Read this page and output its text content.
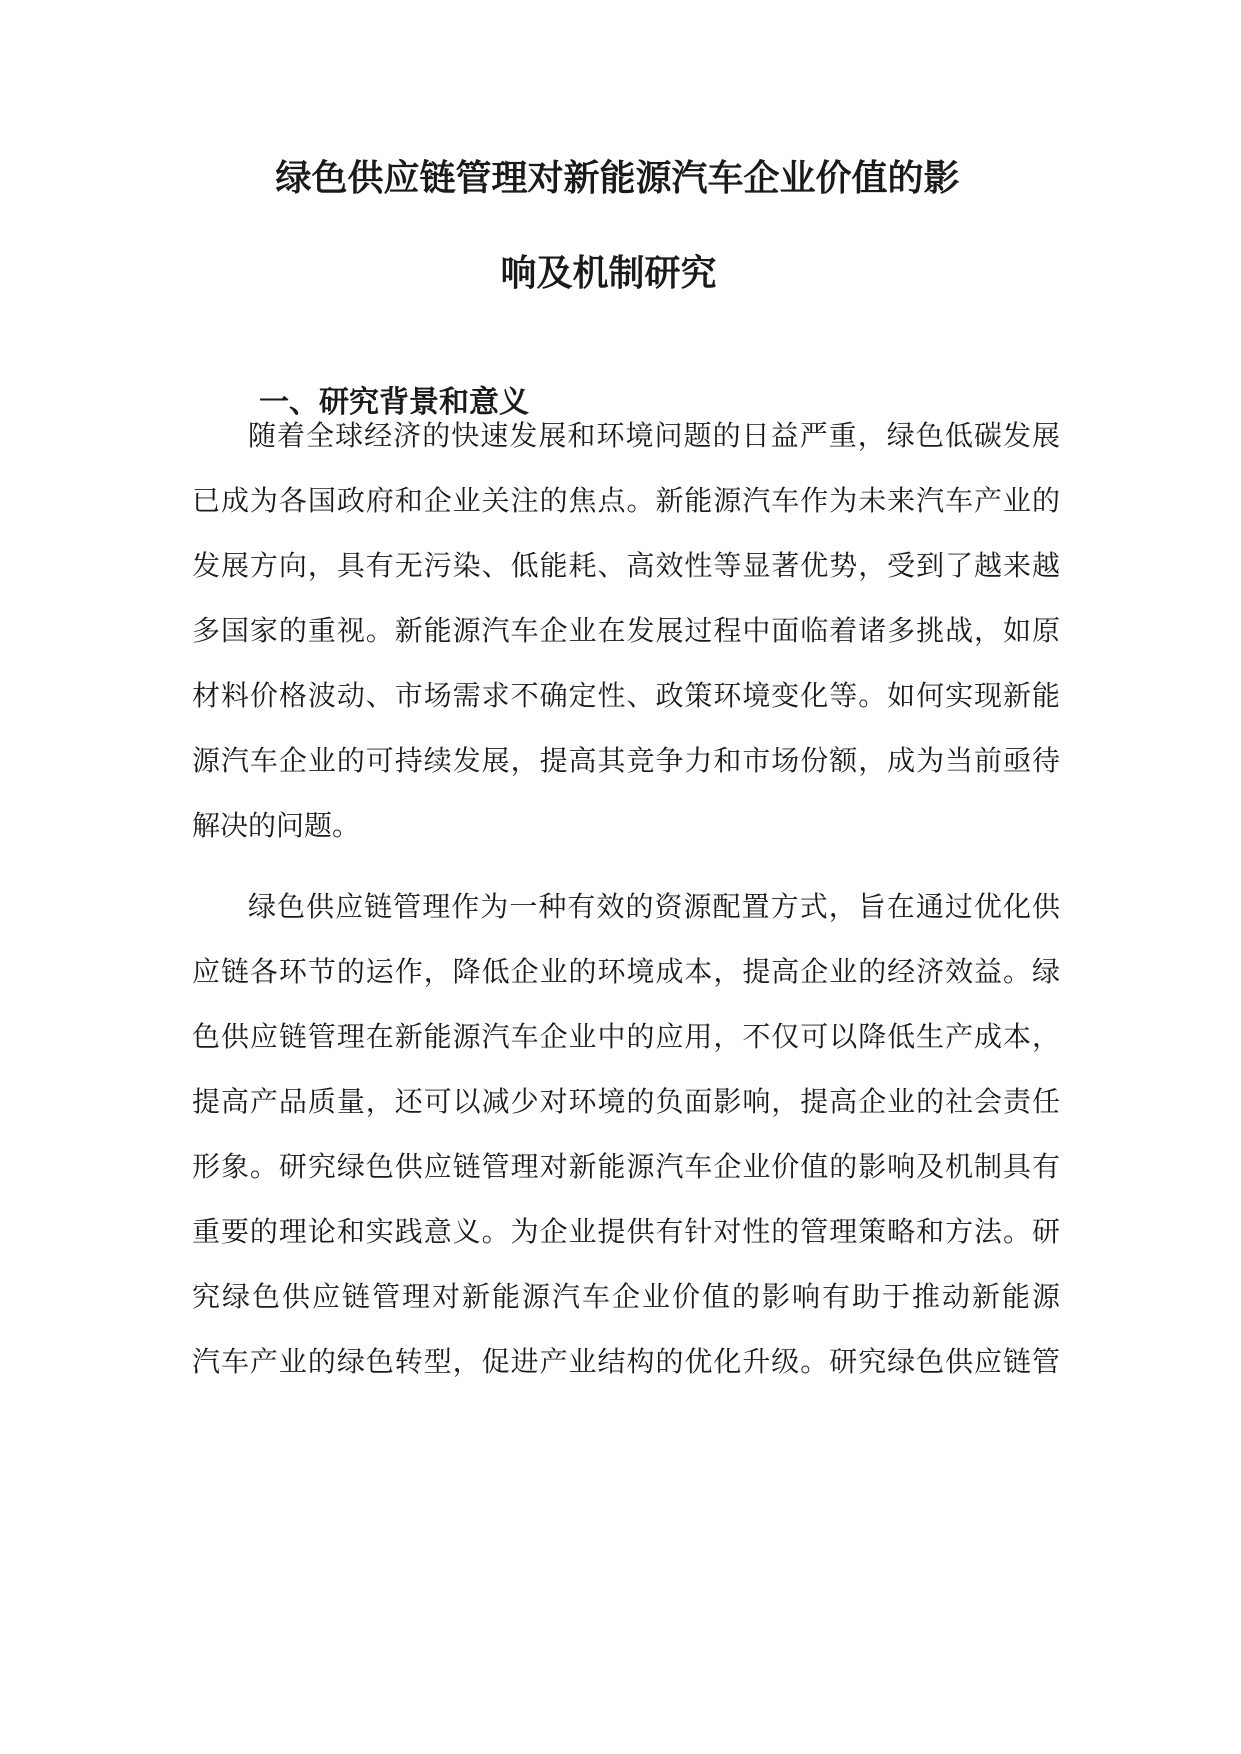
绿色供应链管理对新能源汽车企业价值的影
响及机制研究
一、研究背景和意义
随着全球经济的快速发展和环境问题的日益严重，绿色低碳发展
已成为各国政府和企业关注的焦点。新能源汽车作为未来汽车产业的
发展方向，具有无污染、低能耗、高效性等显著优势，受到了越来越
多国家的重视。新能源汽车企业在发展过程中面临着诸多挑战，如原
材料价格波动、市场需求不确定性、政策环境变化等。如何实现新能
源汽车企业的可持续发展，提高其竞争力和市场份额，成为当前亟待
解决的问题。
绿色供应链管理作为一种有效的资源配置方式，旨在通过优化供
应链各环节的运作，降低企业的环境成本，提高企业的经济效益。绿
色供应链管理在新能源汽车企业中的应用，不仅可以降低生产成本，
提高产品质量，还可以减少对环境的负面影响，提高企业的社会责任
形象。研究绿色供应链管理对新能源汽车企业价值的影响及机制具有
重要的理论和实践意义。为企业提供有针对性的管理策略和方法。研
究绿色供应链管理对新能源汽车企业价值的影响有助于推动新能源
汽车产业的绿色转型，促进产业结构的优化升级。研究绿色供应链管
